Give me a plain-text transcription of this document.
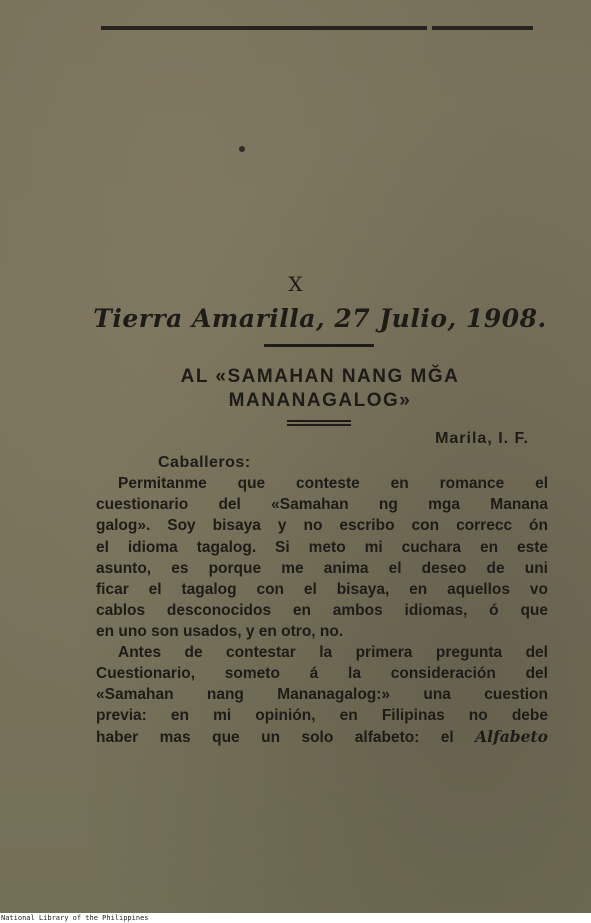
X
Tierra Amarilla, 27 Julio, 1908.
AL «SAMAHAN NANG MĞA
MANANAGALOG»
Marila, I. F.
Caballeros:
Permitanme que conteste en romance el
cuestionario del «Samahan ng mga Manana
galog». Soy bisaya y no escribo con correcc ón
el idioma tagalog. Si meto mi cuchara en este
asunto, es porque me anima el deseo de uni
ficar el tagalog con el bisaya, en aquellos vo
cablos desconocidos en ambos idiomas, ó que
en uno son usados, y en otro, no.
Antes de contestar la primera pregunta del
Cuestionario, someto á la consideración del
«Samahan nang Mananagalog:» una cuestion
previa: en mi opinión, en Filipinas no debe
haber mas que un solo alfabeto: el Alfabeto
National Library of the Philippines
